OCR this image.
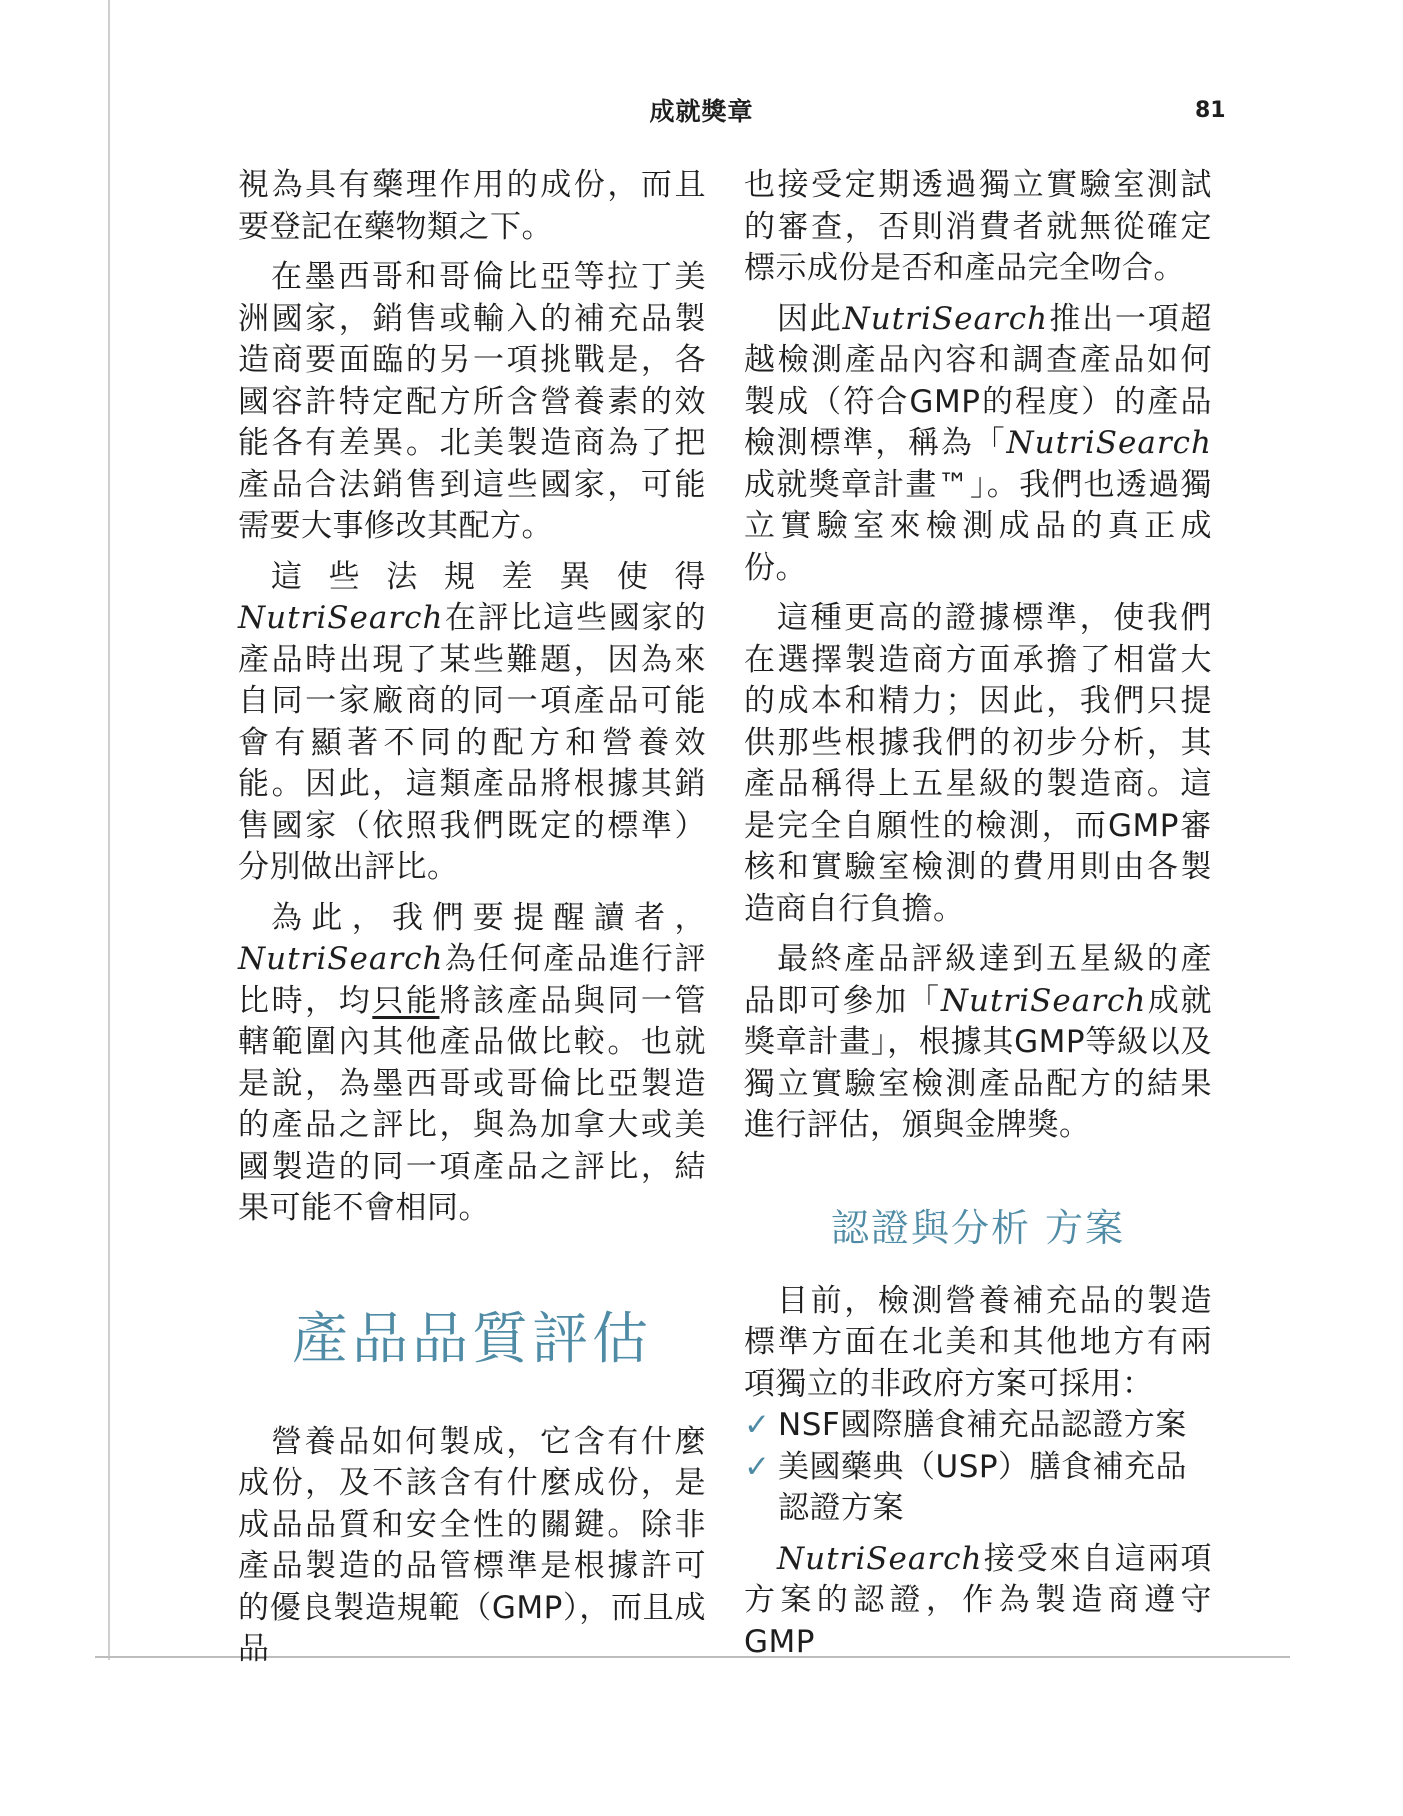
成就獎章	81

視為具有藥理作用的成份，而且要登記在藥物類之下。

在墨西哥和哥倫比亞等拉丁美洲國家，銷售或輸入的補充品製造商要面臨的另一項挑戰是，各國容許特定配方所含營養素的效能各有差異。北美製造商為了把產品合法銷售到這些國家，可能需要大事修改其配方。

這些法規差異使得NutriSearch在評比這些國家的產品時出現了某些難題，因為來自同一家廠商的同一項產品可能會有顯著不同的配方和營養效能。因此，這類產品將根據其銷售國家（依照我們既定的標準）分別做出評比。

為此，我們要提醒讀者，NutriSearch為任何產品進行評比時，均只能將該產品與同一管轄範圍內其他產品做比較。也就是說，為墨西哥或哥倫比亞製造的產品之評比，與為加拿大或美國製造的同一項產品之評比，結果可能不會相同。

產品品質評估

營養品如何製成，它含有什麼成份，及不該含有什麼成份，是成品品質和安全性的關鍵。除非產品製造的品管標準是根據許可的優良製造規範（GMP），而且成品

也接受定期透過獨立實驗室測試的審查，否則消費者就無從確定標示成份是否和產品完全吻合。

因此NutriSearch推出一項超越檢測產品內容和調查產品如何製成（符合GMP的程度）的產品檢測標準，稱為「NutriSearch成就獎章計畫™」。我們也透過獨立實驗室來檢測成品的真正成份。

這種更高的證據標準，使我們在選擇製造商方面承擔了相當大的成本和精力；因此，我們只提供那些根據我們的初步分析，其產品稱得上五星級的製造商。這是完全自願性的檢測，而GMP審核和實驗室檢測的費用則由各製造商自行負擔。

最終產品評級達到五星級的產品即可參加「NutriSearch成就獎章計畫」，根據其GMP等級以及獨立實驗室檢測產品配方的結果進行評估，頒與金牌獎。

認證與分析 方案

目前，檢測營養補充品的製造標準方面在北美和其他地方有兩項獨立的非政府方案可採用：

✓ NSF國際膳食補充品認證方案
✓ 美國藥典（USP）膳食補充品認證方案

NutriSearch接受來自這兩項方案的認證，作為製造商遵守GMP
